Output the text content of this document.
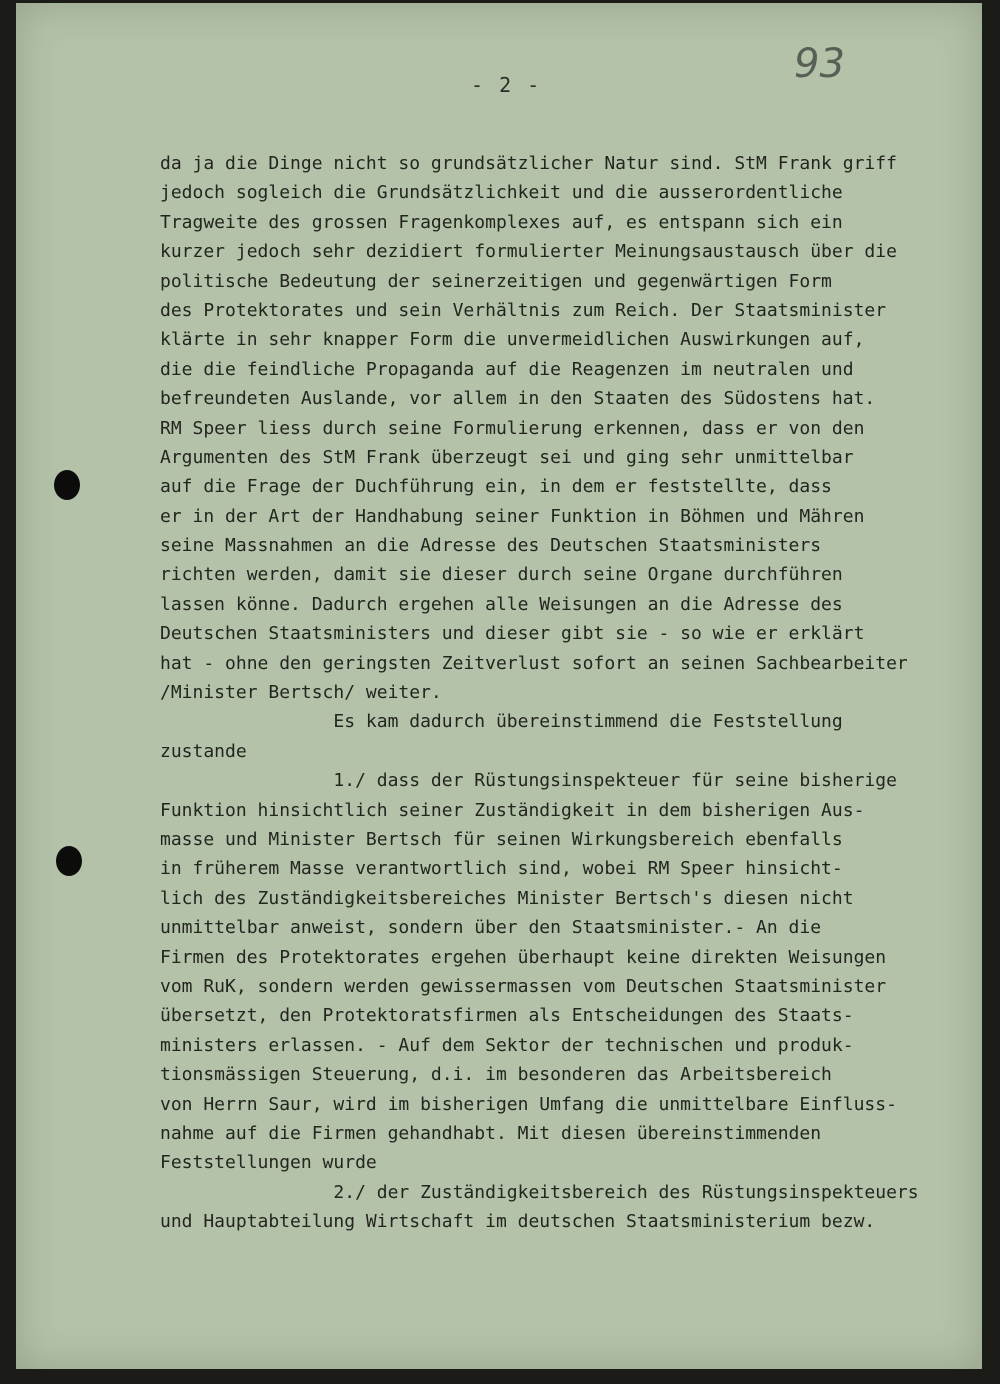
- 2 -	93

da ja die Dinge nicht so grundsätzlicher Natur sind. StM Frank griff
jedoch sogleich die Grundsätzlichkeit und die ausserordentliche
Tragweite des grossen Fragenkomplexes auf, es entspann sich ein
kurzer jedoch sehr dezidiert formulierter Meinungsaustausch über die
politische Bedeutung der seinerzeitigen und gegenwärtigen Form
des Protektorates und sein Verhältnis zum Reich. Der Staatsminister
klärte in sehr knapper Form die unvermeidlichen Auswirkungen auf,
die die feindliche Propaganda auf die Reagenzen im neutralen und
befreundeten Auslande, vor allem in den Staaten des Südostens hat.
RM Speer liess durch seine Formulierung erkennen, dass er von den
Argumenten des StM Frank überzeugt sei und ging sehr unmittelbar
auf die Frage der Duchführung ein, in dem er feststellte, dass
er in der Art der Handhabung seiner Funktion in Böhmen und Mähren
seine Massnahmen an die Adresse des Deutschen Staatsministers
richten werden, damit sie dieser durch seine Organe durchführen
lassen könne. Dadurch ergehen alle Weisungen an die Adresse des
Deutschen Staatsministers und dieser gibt sie - so wie er erklärt
hat - ohne den geringsten Zeitverlust sofort an seinen Sachbearbeiter
/Minister Bertsch/ weiter.
Es kam dadurch übereinstimmend die Feststellung
zustande
1./ dass der Rüstungsinspekteuer für seine bisherige
Funktion hinsichtlich seiner Zuständigkeit in dem bisherigen Aus-
masse und Minister Bertsch für seinen Wirkungsbereich ebenfalls
in früherem Masse verantwortlich sind, wobei RM Speer hinsicht-
lich des Zuständigkeitsbereiches Minister Bertsch's diesen nicht
unmittelbar anweist, sondern über den Staatsminister.- An die
Firmen des Protektorates ergehen überhaupt keine direkten Weisungen
vom RuK, sondern werden gewissermassen vom Deutschen Staatsminister
übersetzt, den Protektoratsfirmen als Entscheidungen des Staats-
ministers erlassen. - Auf dem Sektor der technischen und produk-
tionsmässigen Steuerung, d.i. im besonderen das Arbeitsbereich
von Herrn Saur, wird im bisherigen Umfang die unmittelbare Einfluss-
nahme auf die Firmen gehandhabt. Mit diesen übereinstimmenden
Feststellungen wurde
2./ der Zuständigkeitsbereich des Rüstungsinspekteuers
und Hauptabteilung Wirtschaft im deutschen Staatsministerium bezw.
